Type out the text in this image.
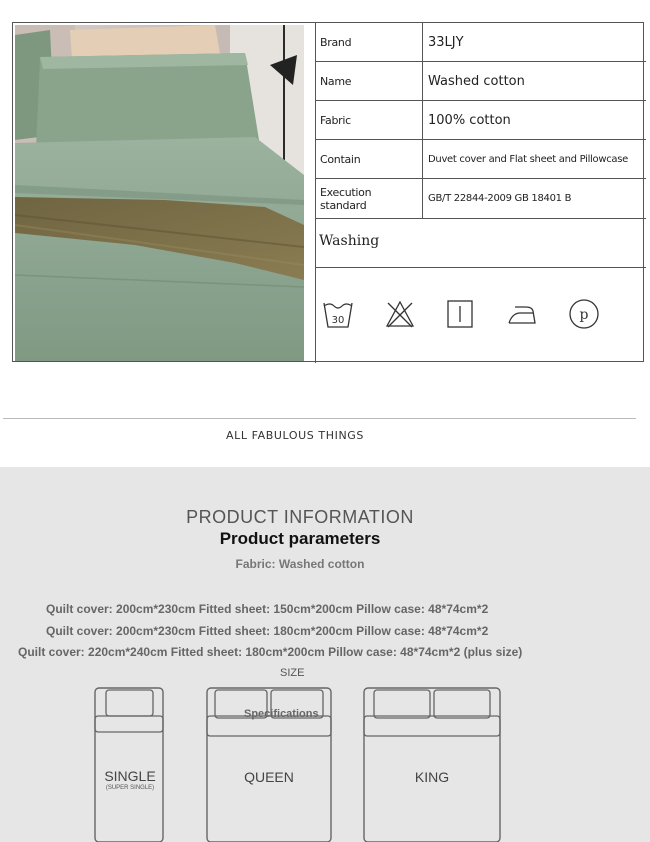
Brand	33LJY
Name	Washed cotton
Fabric	100% cotton
Contain	Duvet cover and Flat sheet and Pillowcase
Execution standard	GB/T 22844-2009 GB 18401 B
Washing
30	p
ALL FABULOUS THINGS
PRODUCT INFORMATION
Product parameters
Fabric: Washed cotton
Quilt cover: 200cm*230cm Fitted sheet: 150cm*200cm Pillow case: 48*74cm*2
Quilt cover: 200cm*230cm Fitted sheet: 180cm*200cm Pillow case: 48*74cm*2
Quilt cover: 220cm*240cm Fitted sheet: 180cm*200cm Pillow case: 48*74cm*2 (plus size)
SIZE
SINGLE
(SUPER SINGLE)
Specifications
QUEEN	KING
